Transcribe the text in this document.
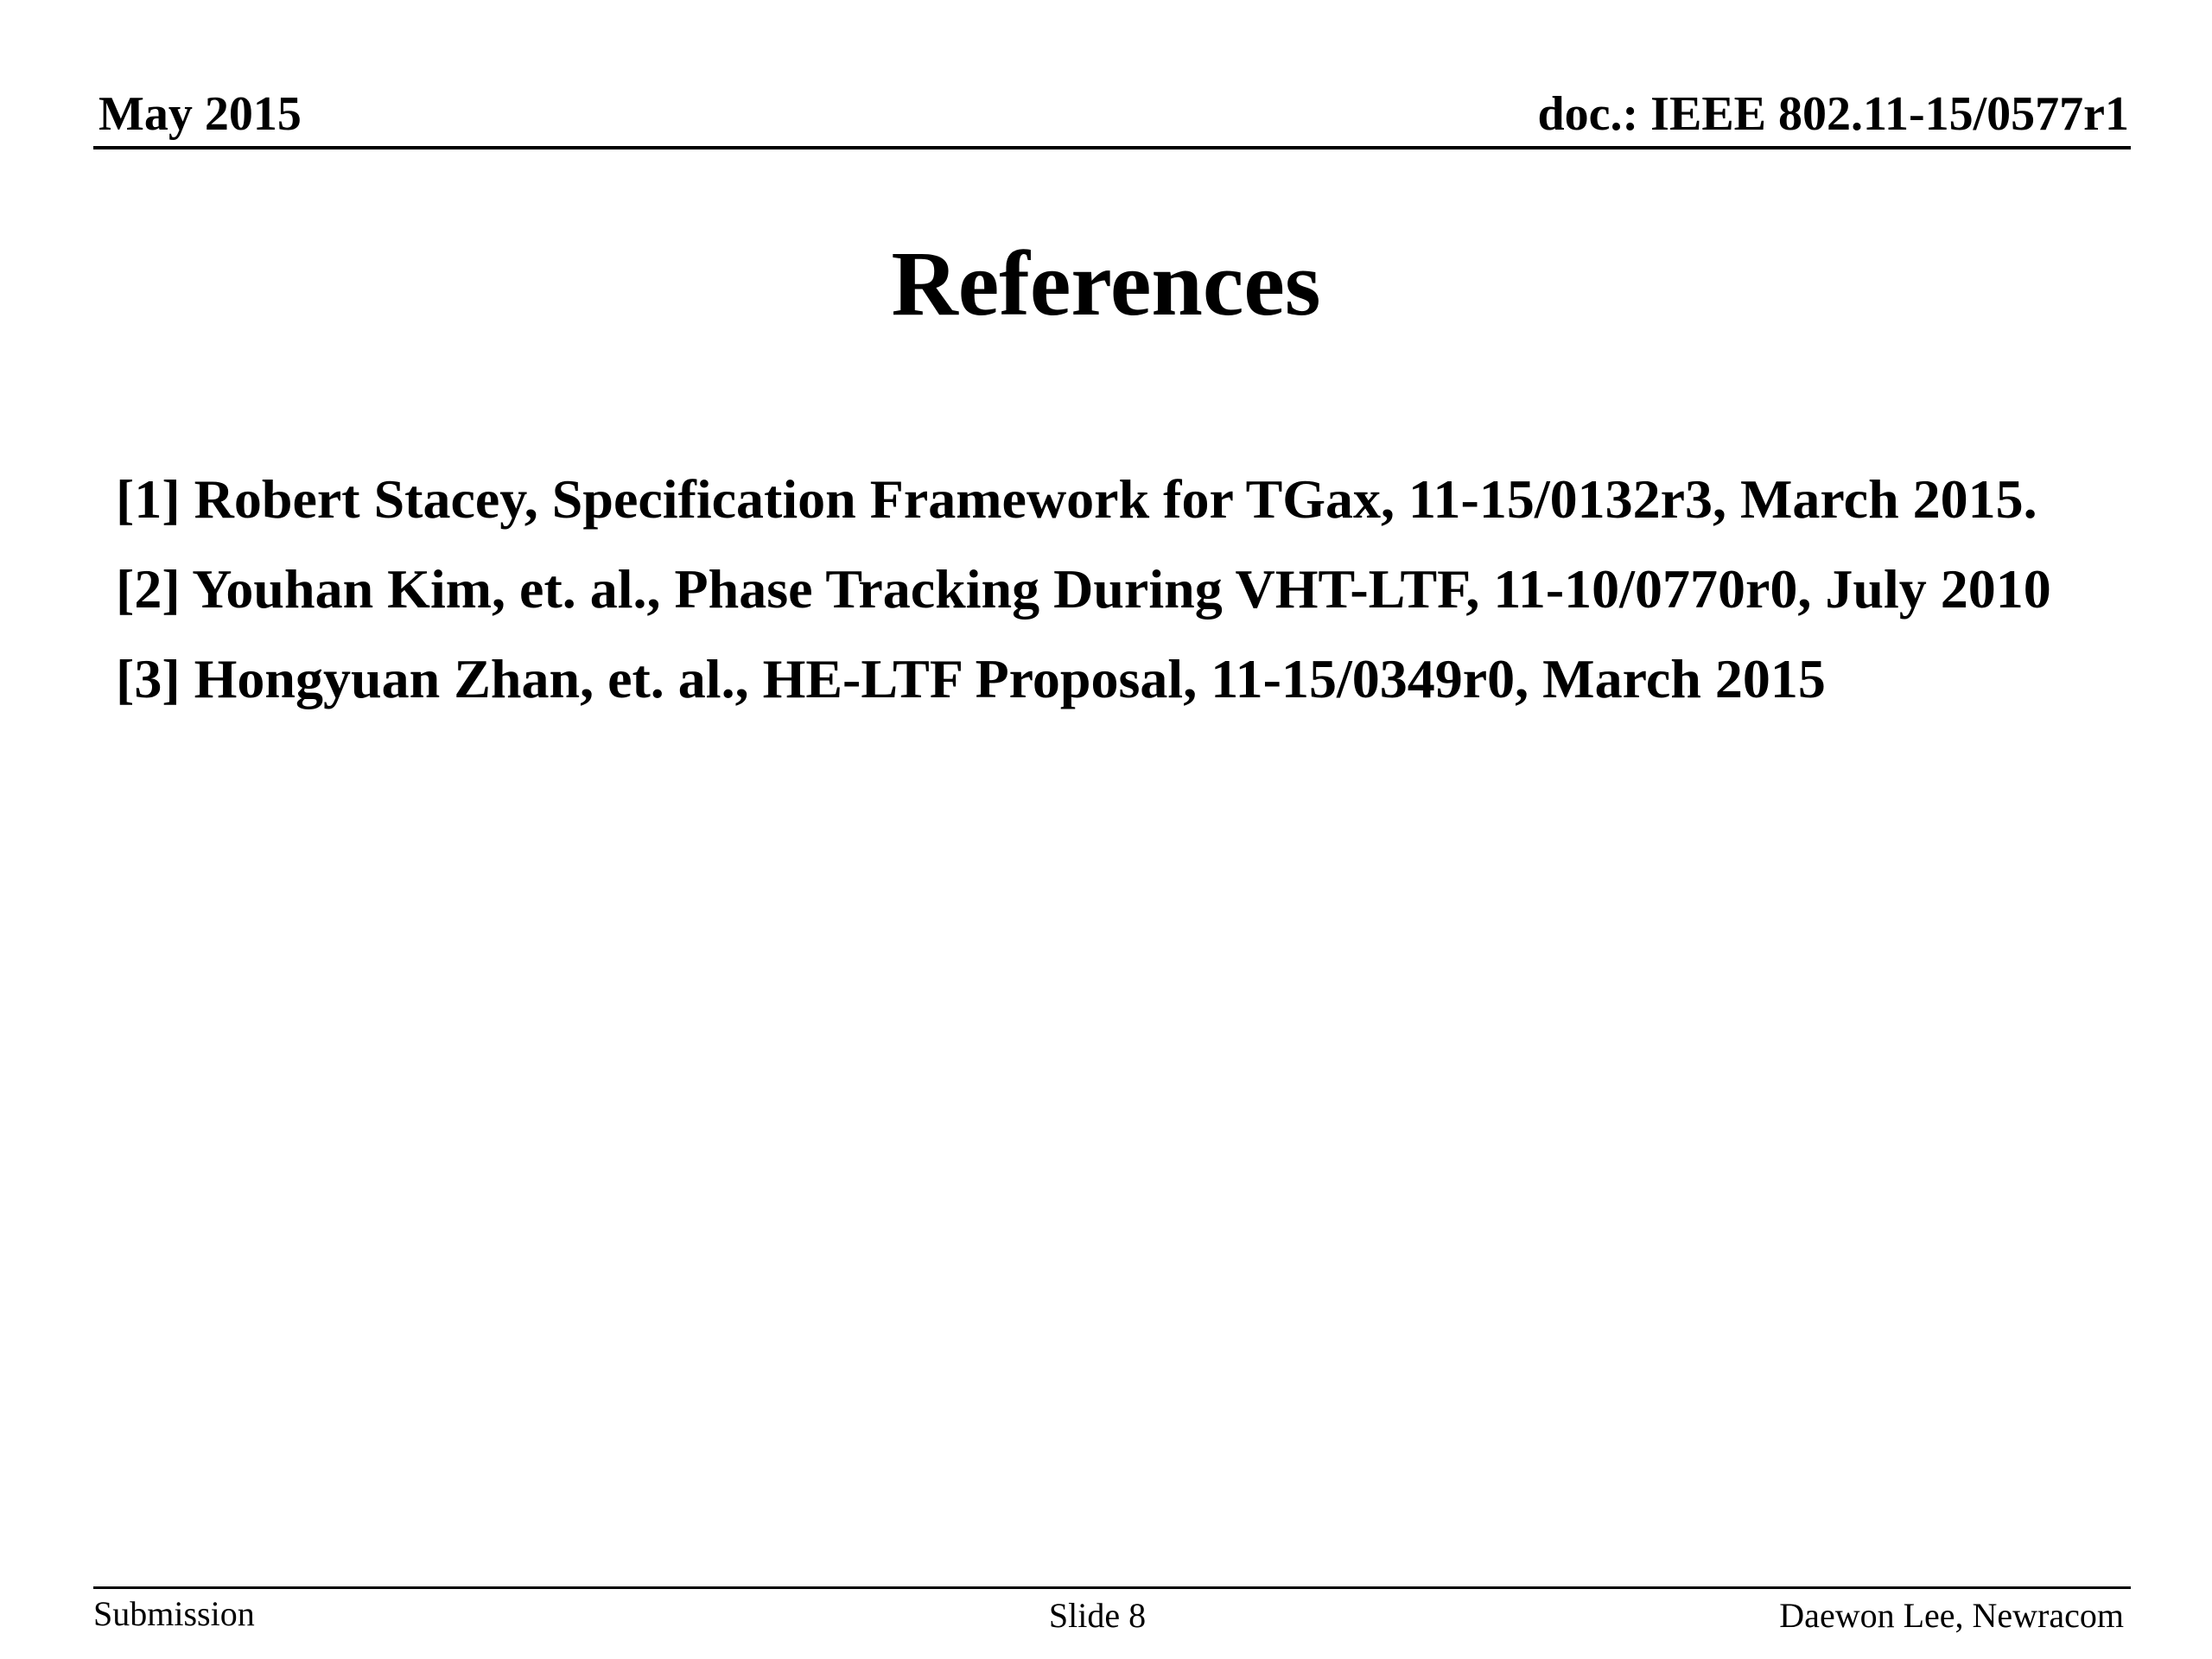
May 2015	doc.: IEEE 802.11-15/0577r1
References
[1] Robert Stacey, Specification Framework for TGax, 11-15/0132r3, March 2015.
[2] Youhan Kim, et. al., Phase Tracking During VHT-LTF, 11-10/0770r0, July 2010
[3] Hongyuan Zhan, et. al., HE-LTF Proposal, 11-15/0349r0, March 2015
Submission	Slide 8	Daewon Lee, Newracom
